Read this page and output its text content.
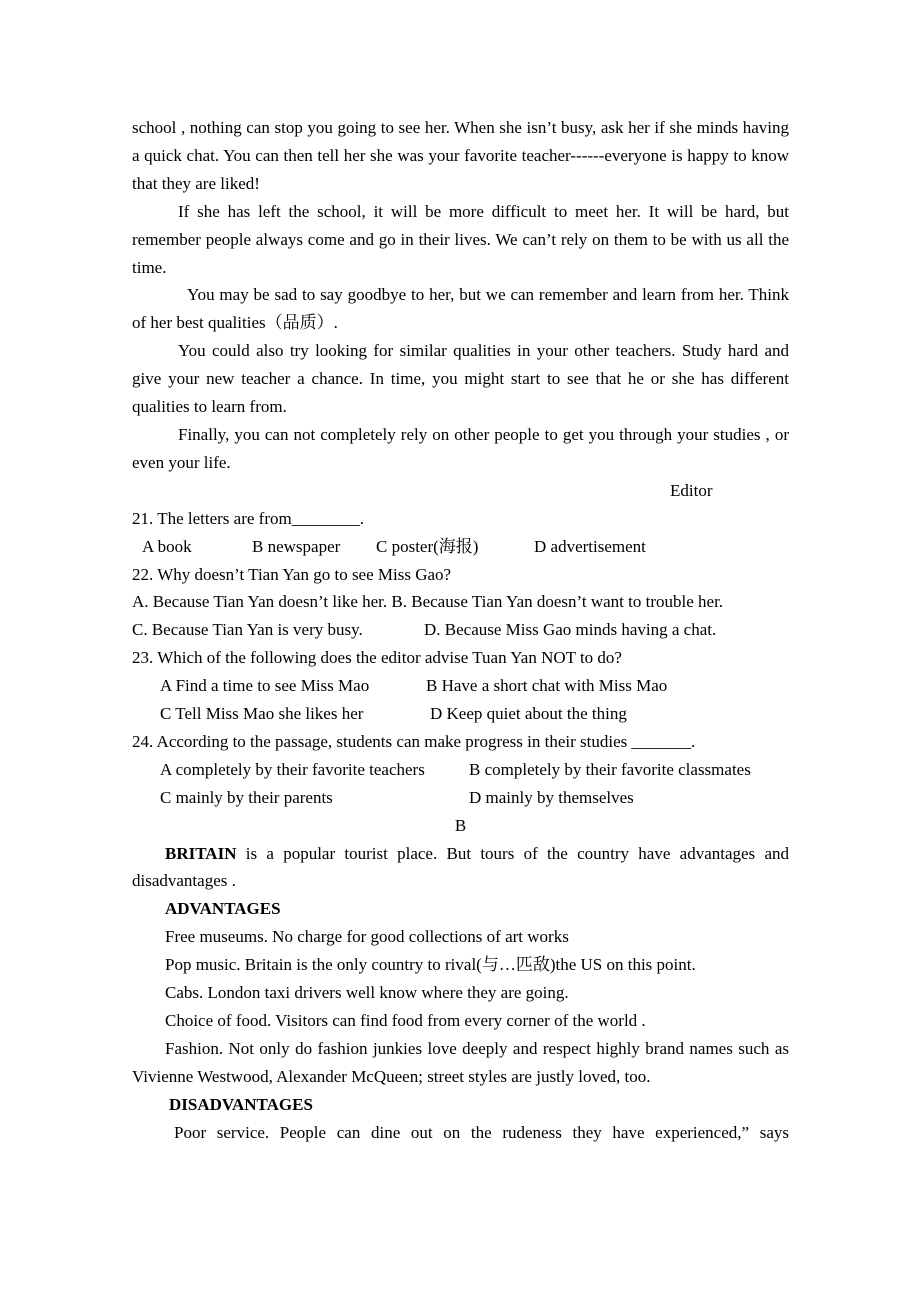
school , nothing can stop you going to see her. When she isn’t busy, ask her if she minds having a quick chat. You can then tell her she was your favorite teacher------everyone is happy to know that they are liked!

If she has left the school, it will be more difficult to meet her. It will be hard, but remember people always come and go in their lives. We can’t rely on them to be with us all the time.

You may be sad to say goodbye to her, but we can remember and learn from her. Think of her best qualities（品质）.

You could also try looking for similar qualities in your other teachers. Study hard and give your new teacher a chance. In time, you might start to see that he or she has different qualities to learn from.

Finally, you can not completely rely on other people to get you through your studies , or even your life.

Editor

21. The letters are from________.

A book	B newspaper	C poster(海报)	D advertisement

22. Why doesn’t Tian Yan go to see Miss Gao?

A. Because Tian Yan doesn’t like her. B. Because Tian Yan doesn’t want to trouble her.

C. Because Tian Yan is very busy.	D. Because Miss Gao minds having a chat.

23. Which of the following does the editor advise Tuan Yan NOT to do?

A Find a time to see Miss Mao	B Have a short chat with Miss Mao
C Tell Miss Mao she likes her	D Keep quiet about the thing

24. According to the passage, students can make progress in their studies _______.

A completely by their favorite teachers	B completely by their favorite classmates
C mainly by their parents	D mainly by themselves

B

BRITAIN is a popular tourist place. But tours of the country have advantages and disadvantages .

ADVANTAGES

Free museums. No charge for good collections of art works

Pop music. Britain is the only country to rival(与…匹敌)the US on this point.

Cabs. London taxi drivers well know where they are going.

Choice of food. Visitors can find food from every corner of the world .

Fashion. Not only do fashion junkies love deeply and respect highly brand names such as Vivienne Westwood, Alexander McQueen; street styles are justly loved, too.

DISADVANTAGES

Poor service. People can dine out on the rudeness they have experienced,” says
